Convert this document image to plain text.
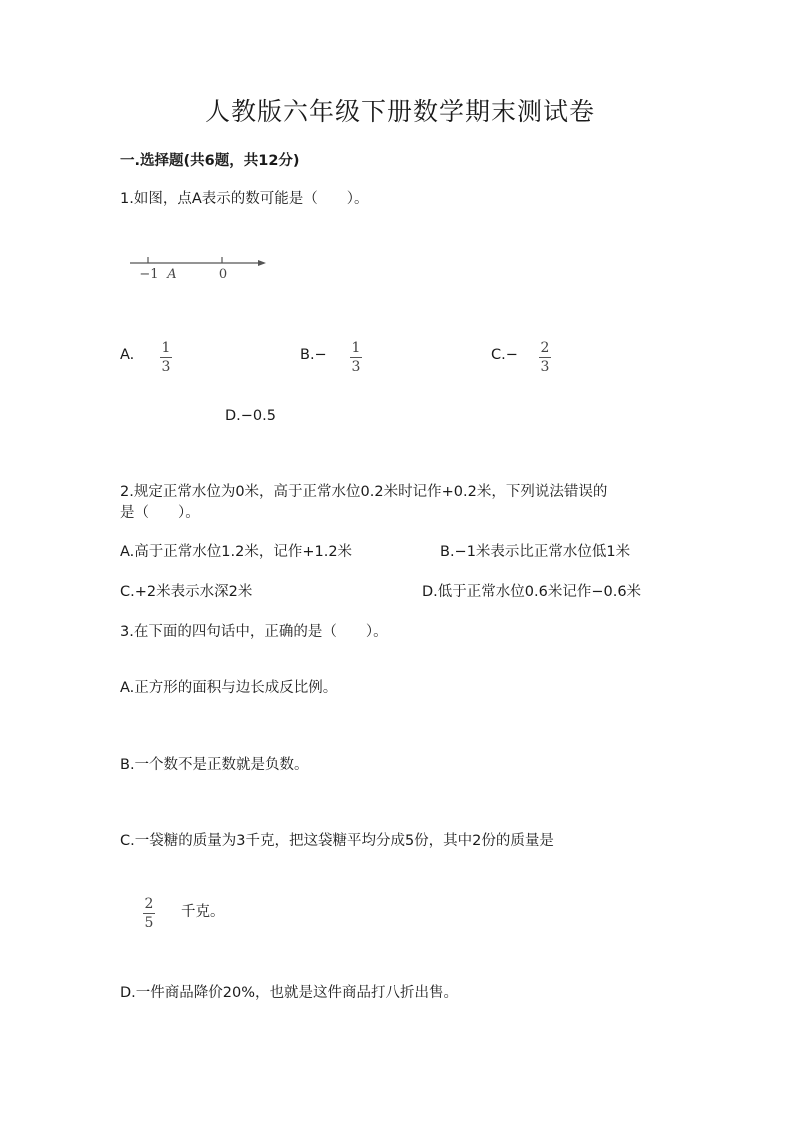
人教版六年级下册数学期末测试卷
一.选择题(共6题，共12分)
1.如图，点A表示的数可能是（　　）。
−1 A	0
A. 1
3
B.− 1
3
C.− 2
3
D.−0.5
2.规定正常水位为0米，高于正常水位0.2米时记作+0.2米，下列说法错误的
是（　　）。
A.高于正常水位1.2米，记作+1.2米	B.−1米表示比正常水位低1米
C.+2米表示水深2米	D.低于正常水位0.6米记作−0.6米
3.在下面的四句话中，正确的是（　　）。
A.正方形的面积与边长成反比例。
B.一个数不是正数就是负数。
C.一袋糖的质量为3千克，把这袋糖平均分成5份，其中2份的质量是
2
5
千克。
D.一件商品降价20%，也就是这件商品打八折出售。
